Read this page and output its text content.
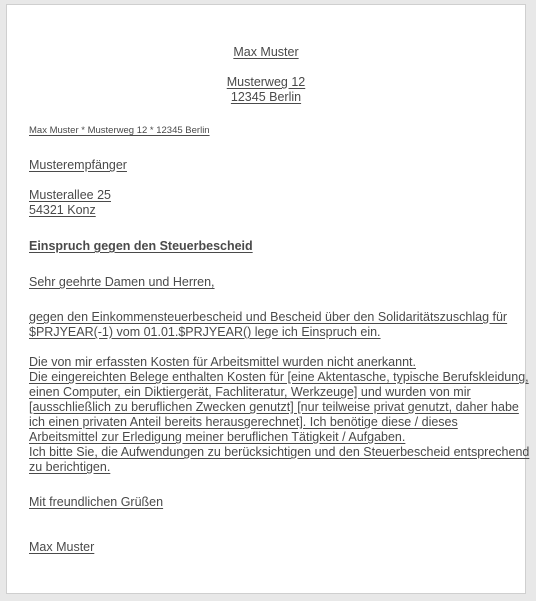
Max Muster
Musterweg 12
12345 Berlin
Max Muster * Musterweg 12 * 12345 Berlin
Musterempfänger
Musterallee 25
54321 Konz
Einspruch gegen den Steuerbescheid
Sehr geehrte Damen und Herren,
gegen den Einkommensteuerbescheid und Bescheid über den Solidaritätszuschlag für
$PRJYEAR(-1) vom 01.01.$PRJYEAR() lege ich Einspruch ein.
Die von mir erfassten Kosten für Arbeitsmittel wurden nicht anerkannt.
Die eingereichten Belege enthalten Kosten für [eine Aktentasche, typische Berufskleidung,
einen Computer, ein Diktiergerät, Fachliteratur, Werkzeuge] und wurden von mir
[ausschließlich zu beruflichen Zwecken genutzt] [nur teilweise privat genutzt, daher habe
ich einen privaten Anteil bereits herausgerechnet]. Ich benötige diese / dieses
Arbeitsmittel zur Erledigung meiner beruflichen Tätigkeit / Aufgaben.
Ich bitte Sie, die Aufwendungen zu berücksichtigen und den Steuerbescheid entsprechend
zu berichtigen.
Mit freundlichen Grüßen
Max Muster
